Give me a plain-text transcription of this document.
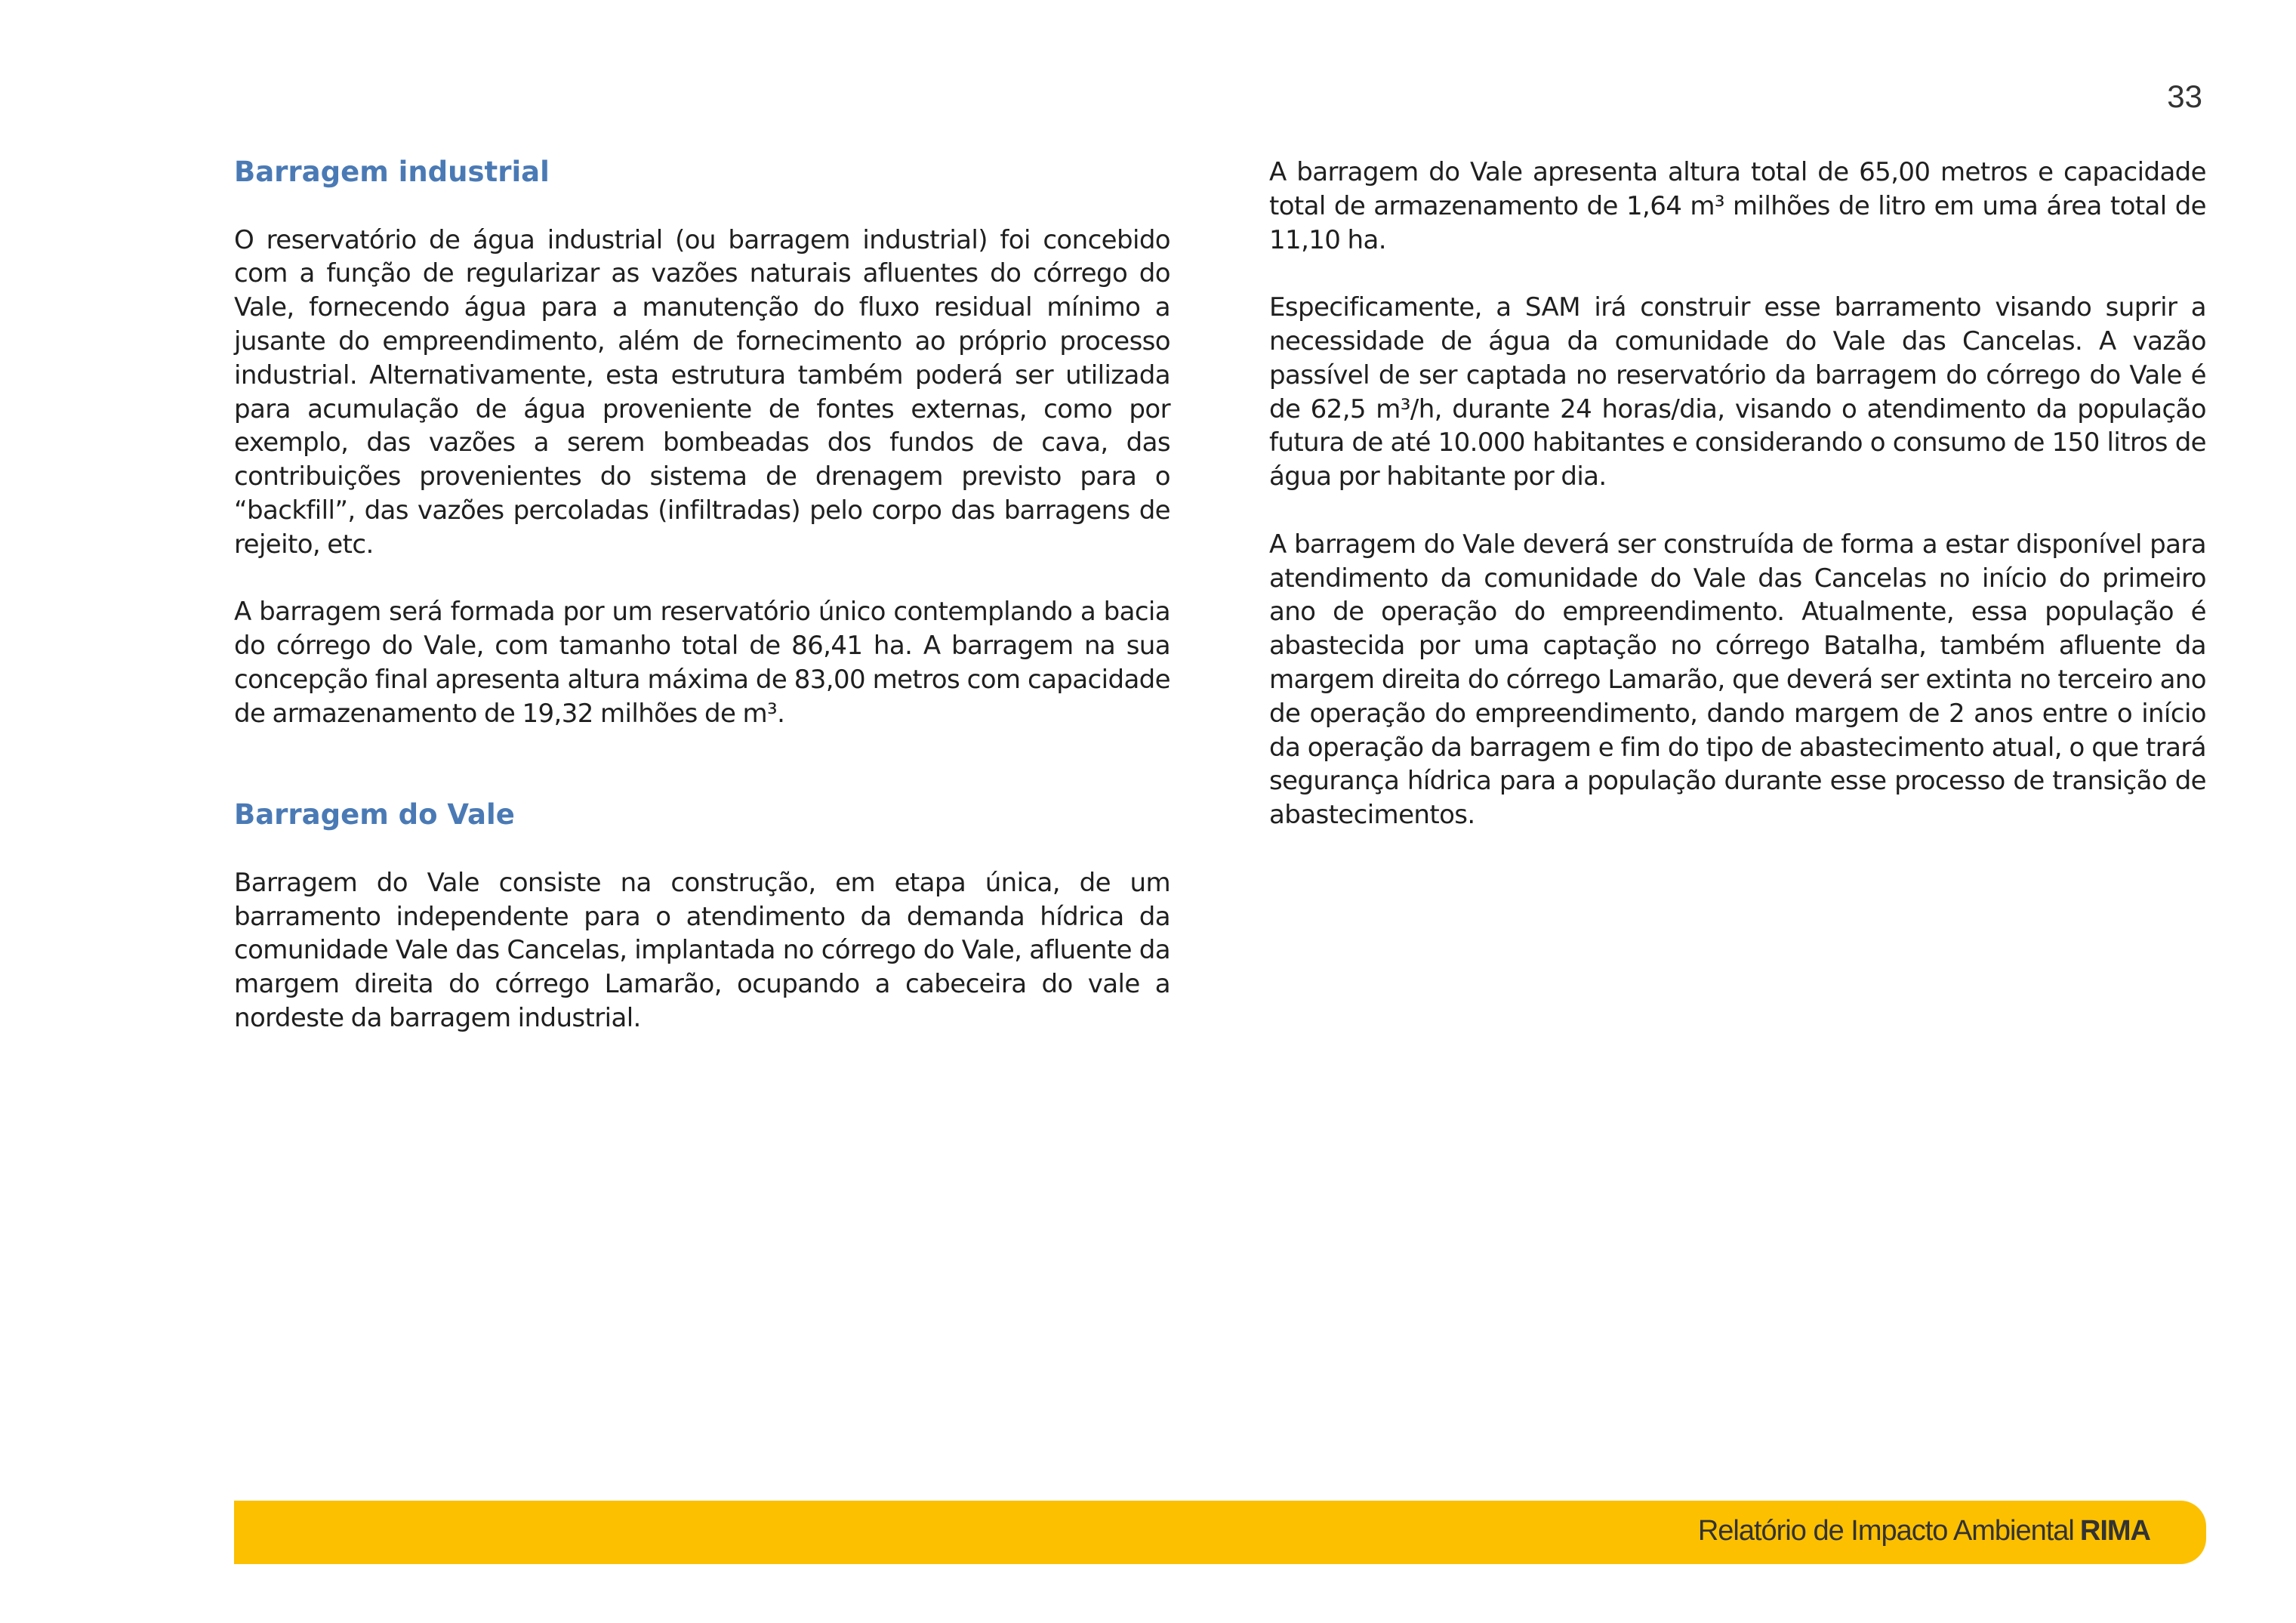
33
Barragem industrial

O reservatório de água industrial (ou barragem industrial) foi concebido com a função de regularizar as vazões naturais afluentes do córrego do Vale, fornecendo água para a manutenção do fluxo residual mínimo a jusante do empreendimento, além de fornecimento ao próprio processo industrial. Alternativamente, esta estrutura também poderá ser utilizada para acumulação de água proveniente de fontes externas, como por exemplo, das vazões a serem bombeadas dos fundos de cava, das contribuições provenientes do sistema de drenagem previsto para o “backfill”, das vazões percoladas (infiltradas) pelo corpo das barragens de rejeito, etc.

A barragem será formada por um reservatório único contemplando a bacia do córrego do Vale, com tamanho total de 86,41 ha. A barragem na sua concepção final apresenta altura máxima de 83,00 metros com capacidade de armazenamento de 19,32 milhões de m³.

Barragem do Vale

Barragem do Vale consiste na construção, em etapa única, de um barramento independente para o atendimento da demanda hídrica da comunidade Vale das Cancelas, implantada no córrego do Vale, afluente da margem direita do córrego Lamarão, ocupando a cabeceira do vale a nordeste da barragem industrial.

A barragem do Vale apresenta altura total de 65,00 metros e capacidade total de armazenamento de 1,64 m³ milhões de litro em uma área total de 11,10 ha.

Especificamente, a SAM irá construir esse barramento visando suprir a necessidade de água da comunidade do Vale das Cancelas. A vazão passível de ser captada no reservatório da barragem do córrego do Vale é de 62,5 m³/h, durante 24 horas/dia, visando o atendimento da população futura de até 10.000 habitantes e considerando o consumo de 150 litros de água por habitante por dia.

A barragem do Vale deverá ser construída de forma a estar disponível para atendimento da comunidade do Vale das Cancelas no início do primeiro ano de operação do empreendimento. Atualmente, essa população é abastecida por uma captação no córrego Batalha, também afluente da margem direita do córrego Lamarão, que deverá ser extinta no terceiro ano de operação do empreendimento, dando margem de 2 anos entre o início da operação da barragem e fim do tipo de abastecimento atual, o que trará segurança hídrica para a população durante esse processo de transição de abastecimentos.

Relatório de Impacto Ambiental RIMA
